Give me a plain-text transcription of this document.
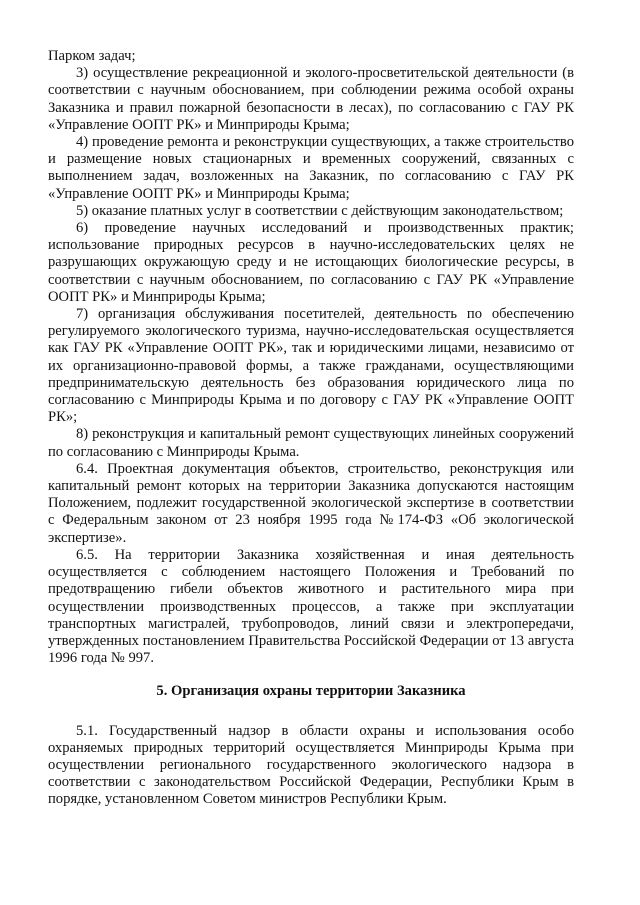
Парком задач;

3) осуществление рекреационной и эколого-просветительской деятельности (в соответствии с научным обоснованием, при соблюдении режима особой охраны Заказника и правил пожарной безопасности в лесах), по согласованию с ГАУ РК «Управление ООПТ РК» и Минприроды Крыма;

4) проведение ремонта и реконструкции существующих, а также строительство и размещение новых стационарных и временных сооружений, связанных с выполнением задач, возложенных на Заказник, по согласованию с ГАУ РК «Управление ООПТ РК» и Минприроды Крыма;

5) оказание платных услуг в соответствии с действующим законодательством;

6) проведение научных исследований и производственных практик; использование природных ресурсов в научно-исследовательских целях не разрушающих окружающую среду и не истощающих биологические ресурсы, в соответствии с научным обоснованием, по согласованию с ГАУ РК «Управление ООПТ РК» и Минприроды Крыма;

7) организация обслуживания посетителей, деятельность по обеспечению регулируемого экологического туризма, научно-исследовательская осуществляется как ГАУ РК «Управление ООПТ РК», так и юридическими лицами, независимо от их организационно-правовой формы, а также гражданами, осуществляющими предпринимательскую деятельность без образования юридического лица по согласованию с Минприроды Крыма и по договору с ГАУ РК «Управление ООПТ РК»;

8) реконструкция и капитальный ремонт существующих линейных сооружений по согласованию с Минприроды Крыма.

6.4. Проектная документация объектов, строительство, реконструкция или капитальный ремонт которых на территории Заказника допускаются настоящим Положением, подлежит государственной экологической экспертизе в соответствии с Федеральным законом от 23 ноября 1995 года №174-ФЗ «Об экологической экспертизе».

6.5. На территории Заказника хозяйственная и иная деятельность осуществляется с соблюдением настоящего Положения и Требований по предотвращению гибели объектов животного и растительного мира при осуществлении производственных процессов, а также при эксплуатации транспортных магистралей, трубопроводов, линий связи и электропередачи, утвержденных постановлением Правительства Российской Федерации от 13 августа 1996 года № 997.

5. Организация охраны территории Заказника

5.1. Государственный надзор в области охраны и использования особо охраняемых природных территорий осуществляется Минприроды Крыма при осуществлении регионального государственного экологического надзора в соответствии с законодательством Российской Федерации, Республики Крым в порядке, установленном Советом министров Республики Крым.
